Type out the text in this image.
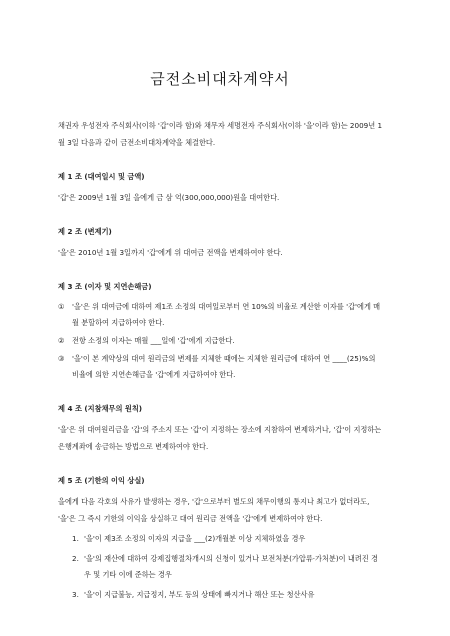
금전소비대차계약서

채권자 우성전자 주식회사(이하 '갑'이라 함)와 채무자 세명전자 주식회사(이하 '을'이라 함)는 2009년 1월 3일 다음과 같이 금전소비대차계약을 체결한다.

제 1 조 (대여일시 및 금액)

'갑'은 2009년 1월 3일 을에게 금 삼 억(300,000,000)원을 대여한다.

제 2 조 (변제기)

'을'은 2010년 1월 3일까지 '갑'에게 위 대여금 전액을 변제하여야 한다.

제 3 조 (이자 및 지연손해금)
① '을'은 위 대여금에 대하여 제1조 소정의 대여일로부터 연 10%의 비율로 계산한 이자를 '갑'에게 매월 분할하여 지급하여야 한다.
② 전항 소정의 이자는 매월 ___일에 '갑'에게 지급한다.
③ '을'이 본 계약상의 대여 원리금의 변제를 지체한 때에는 지체한 원리금에 대하여 연 ____(25)%의 비율에 의한 지연손해금을 '갑'에게 지급하여야 한다.
제 4 조 (지참채무의 원칙)

'을'은 위 대여원리금을 '갑'의 주소지 또는 '갑'이 지정하는 장소에 지참하여 변제하거나, '갑'이 지정하는 은행계좌에 송금하는 방법으로 변제하여야 한다.

제 5 조 (기한의 이익 상실)

을에게 다음 각호의 사유가 발생하는 경우, '갑'으로부터 별도의 채무이행의 통지나 최고가 없더라도, '을'은 그 즉시 기한의 이익을 상실하고 대여 원리금 전액을 '갑'에게 변제하여야 한다.

1. '을'이 제3조 소정의 이자의 지급을 ___(2)개월분 이상 지체하였을 경우
2. '을'의 재산에 대하여 강제집행절차개시의 신청이 있거나 보전처분(가압류·가처분)이 내려진 경우 및 기타 이에 준하는 경우
3. '을'이 지급불능, 지급정지, 부도 등의 상태에 빠지거나 해산 또는 청산사유
